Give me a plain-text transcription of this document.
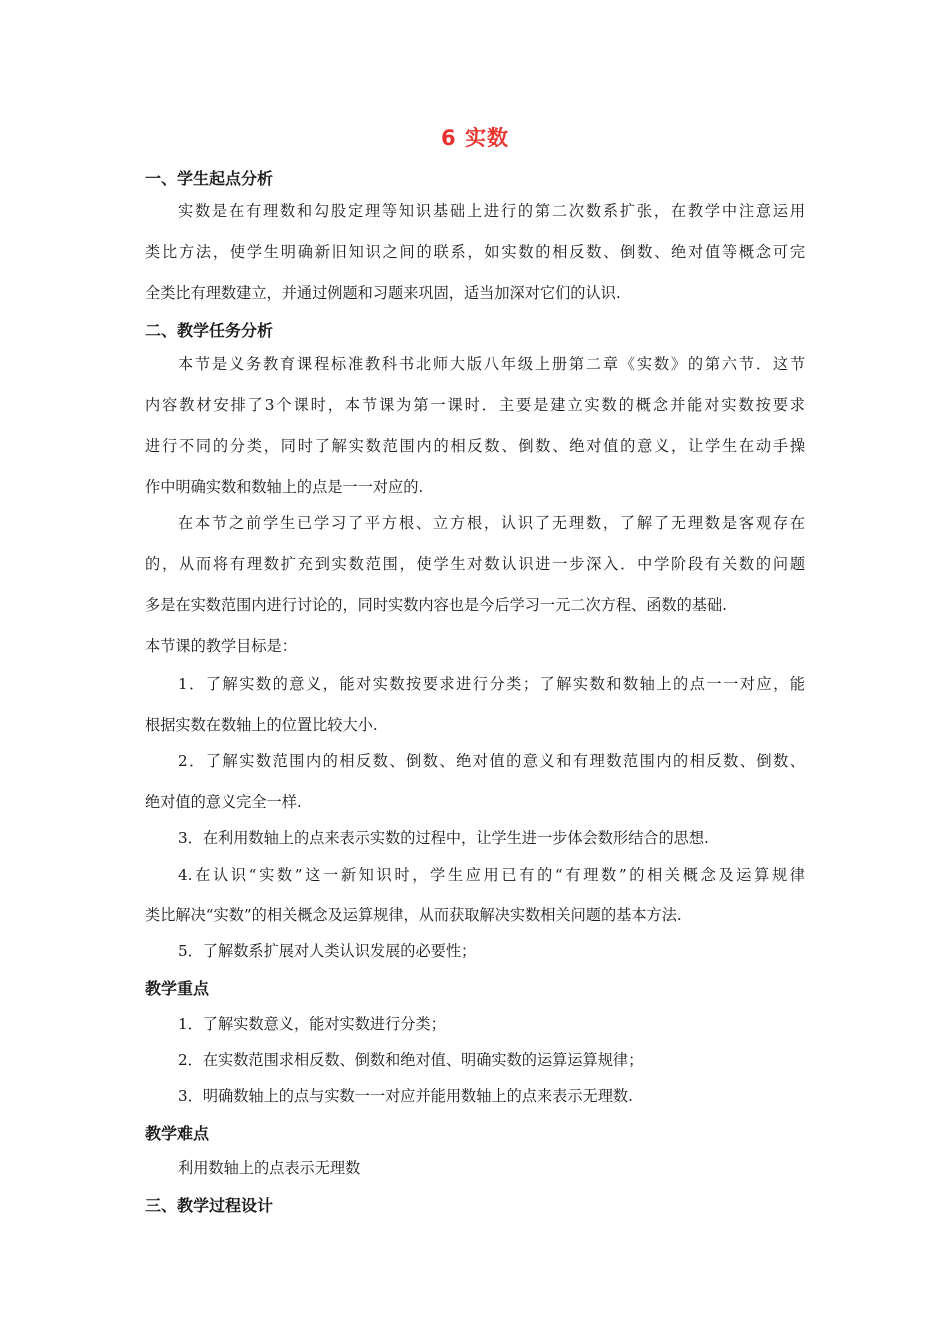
6 实数
一、学生起点分析
实数是在有理数和勾股定理等知识基础上进行的第二次数系扩张，在教学中注意运用
类比方法，使学生明确新旧知识之间的联系，如实数的相反数、倒数、绝对值等概念可完
全类比有理数建立，并通过例题和习题来巩固，适当加深对它们的认识.
二、教学任务分析
本节是义务教育课程标准教科书北师大版八年级上册第二章《实数》的第六节．这节
内容教材安排了3个课时，本节课为第一课时．主要是建立实数的概念并能对实数按要求
进行不同的分类，同时了解实数范围内的相反数、倒数、绝对值的意义，让学生在动手操
作中明确实数和数轴上的点是一一对应的.
在本节之前学生已学习了平方根、立方根，认识了无理数，了解了无理数是客观存在
的，从而将有理数扩充到实数范围，使学生对数认识进一步深入．中学阶段有关数的问题
多是在实数范围内进行讨论的，同时实数内容也是今后学习一元二次方程、函数的基础.
本节课的教学目标是：
1．了解实数的意义，能对实数按要求进行分类；了解实数和数轴上的点一一对应，能
根据实数在数轴上的位置比较大小.
2．了解实数范围内的相反数、倒数、绝对值的意义和有理数范围内的相反数、倒数、
绝对值的意义完全一样.
3．在利用数轴上的点来表示实数的过程中，让学生进一步体会数形结合的思想.
4.在认识“实数”这一新知识时，学生应用已有的“有理数”的相关概念及运算规律
类比解决“实数”的相关概念及运算规律，从而获取解决实数相关问题的基本方法.
5．了解数系扩展对人类认识发展的必要性；
教学重点
1．了解实数意义，能对实数进行分类；
2．在实数范围求相反数、倒数和绝对值、明确实数的运算运算规律；
3．明确数轴上的点与实数一一对应并能用数轴上的点来表示无理数.
教学难点
利用数轴上的点表示无理数
三、教学过程设计
